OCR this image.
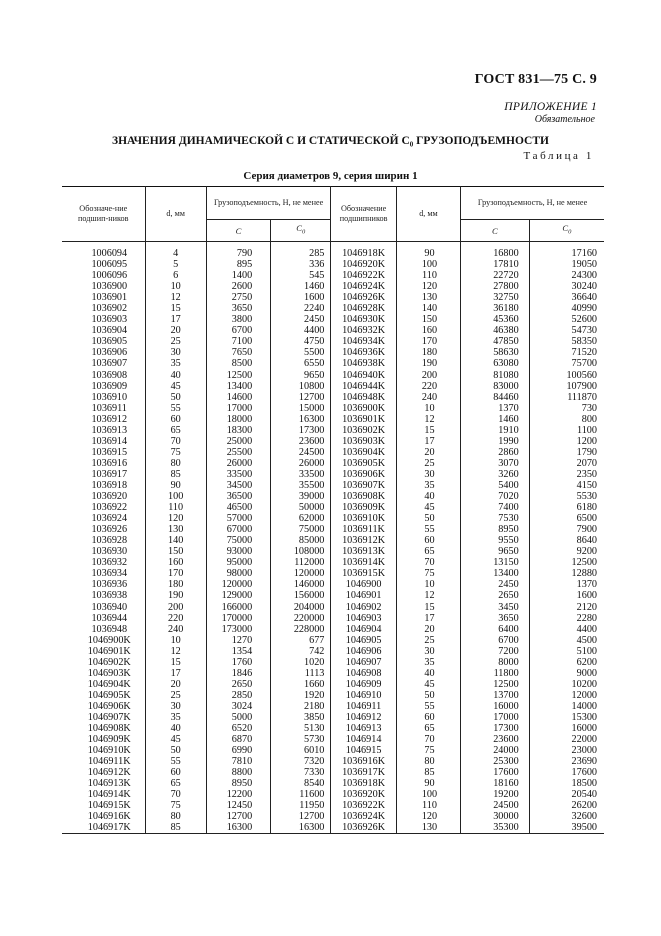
ГОСТ 831—75 С. 9
ПРИЛОЖЕНИЕ 1
Обязательное
ЗНАЧЕНИЯ ДИНАМИЧЕСКОЙ C И СТАТИЧЕСКОЙ C₀ ГРУЗОПОДЪЕМНОСТИ
Таблица 1
Серия диаметров 9, серия ширин 1
Обозначе-ние подшип-ников	d, мм	Грузоподъемность, Н, не менее		Обозначение подшипников	d, мм	Грузоподъемность, Н, не менее	
		C	$C_0$			C	$C_0$
1006094	4	790	285	1046918K	90	16800	17160
1006095	5	895	336	1046920K	100	17810	19050
1006096	6	1400	545	1046922K	110	22720	24300
1036900	10	2600	1460	1046924K	120	27800	30240
1036901	12	2750	1600	1046926K	130	32750	36640
1036902	15	3650	2240	1046928K	140	36180	40990
1036903	17	3800	2450	1046930K	150	45360	52600
1036904	20	6700	4400	1046932K	160	46380	54730
1036905	25	7100	4750	1046934K	170	47850	58350
1036906	30	7650	5500	1046936K	180	58630	71520
1036907	35	8500	6550	1046938K	190	63080	75700
1036908	40	12500	9650	1046940K	200	81080	100560
1036909	45	13400	10800	1046944K	220	83000	107900
1036910	50	14600	12700	1046948K	240	84460	111870
1036911	55	17000	15000	1036900K	10	1370	730
1036912	60	18000	16300	1036901K	12	1460	800
1036913	65	18300	17300	1036902K	15	1910	1100
1036914	70	25000	23600	1036903K	17	1990	1200
1036915	75	25500	24500	1036904K	20	2860	1790
1036916	80	26000	26000	1036905K	25	3070	2070
1036917	85	33500	33500	1036906K	30	3260	2350
1036918	90	34500	35500	1036907K	35	5400	4150
1036920	100	36500	39000	1036908K	40	7020	5530
1036922	110	46500	50000	1036909K	45	7400	6180
1036924	120	57000	62000	1036910K	50	7530	6500
1036926	130	67000	75000	1036911K	55	8950	7900
1036928	140	75000	85000	1036912K	60	9550	8640
1036930	150	93000	108000	1036913K	65	9650	9200
1036932	160	95000	112000	1036914K	70	13150	12500
1036934	170	98000	120000	1036915K	75	13400	12880
1036936	180	120000	146000	1046900	10	2450	1370
1036938	190	129000	156000	1046901	12	2650	1600
1036940	200	166000	204000	1046902	15	3450	2120
1036944	220	170000	220000	1046903	17	3650	2280
1036948	240	173000	228000	1046904	20	6400	4400
1046900K	10	1270	677	1046905	25	6700	4500
1046901K	12	1354	742	1046906	30	7200	5100
1046902K	15	1760	1020	1046907	35	8000	6200
1046903K	17	1846	1113	1046908	40	11800	9000
1046904K	20	2650	1660	1046909	45	12500	10200
1046905K	25	2850	1920	1046910	50	13700	12000
1046906K	30	3024	2180	1046911	55	16000	14000
1046907K	35	5000	3850	1046912	60	17000	15300
1046908K	40	6520	5130	1046913	65	17300	16000
1046909K	45	6870	5730	1046914	70	23600	22000
1046910K	50	6990	6010	1046915	75	24000	23000
1046911K	55	7810	7320	1036916K	80	25300	23690
1046912K	60	8800	7330	1036917K	85	17600	17600
1046913K	65	8950	8540	1036918K	90	18160	18500
1046914K	70	12200	11600	1036920K	100	19200	20540
1046915K	75	12450	11950	1036922K	110	24500	26200
1046916K	80	12700	12700	1036924K	120	30000	32600
1046917K	85	16300	16300	1036926K	130	35300	39500
